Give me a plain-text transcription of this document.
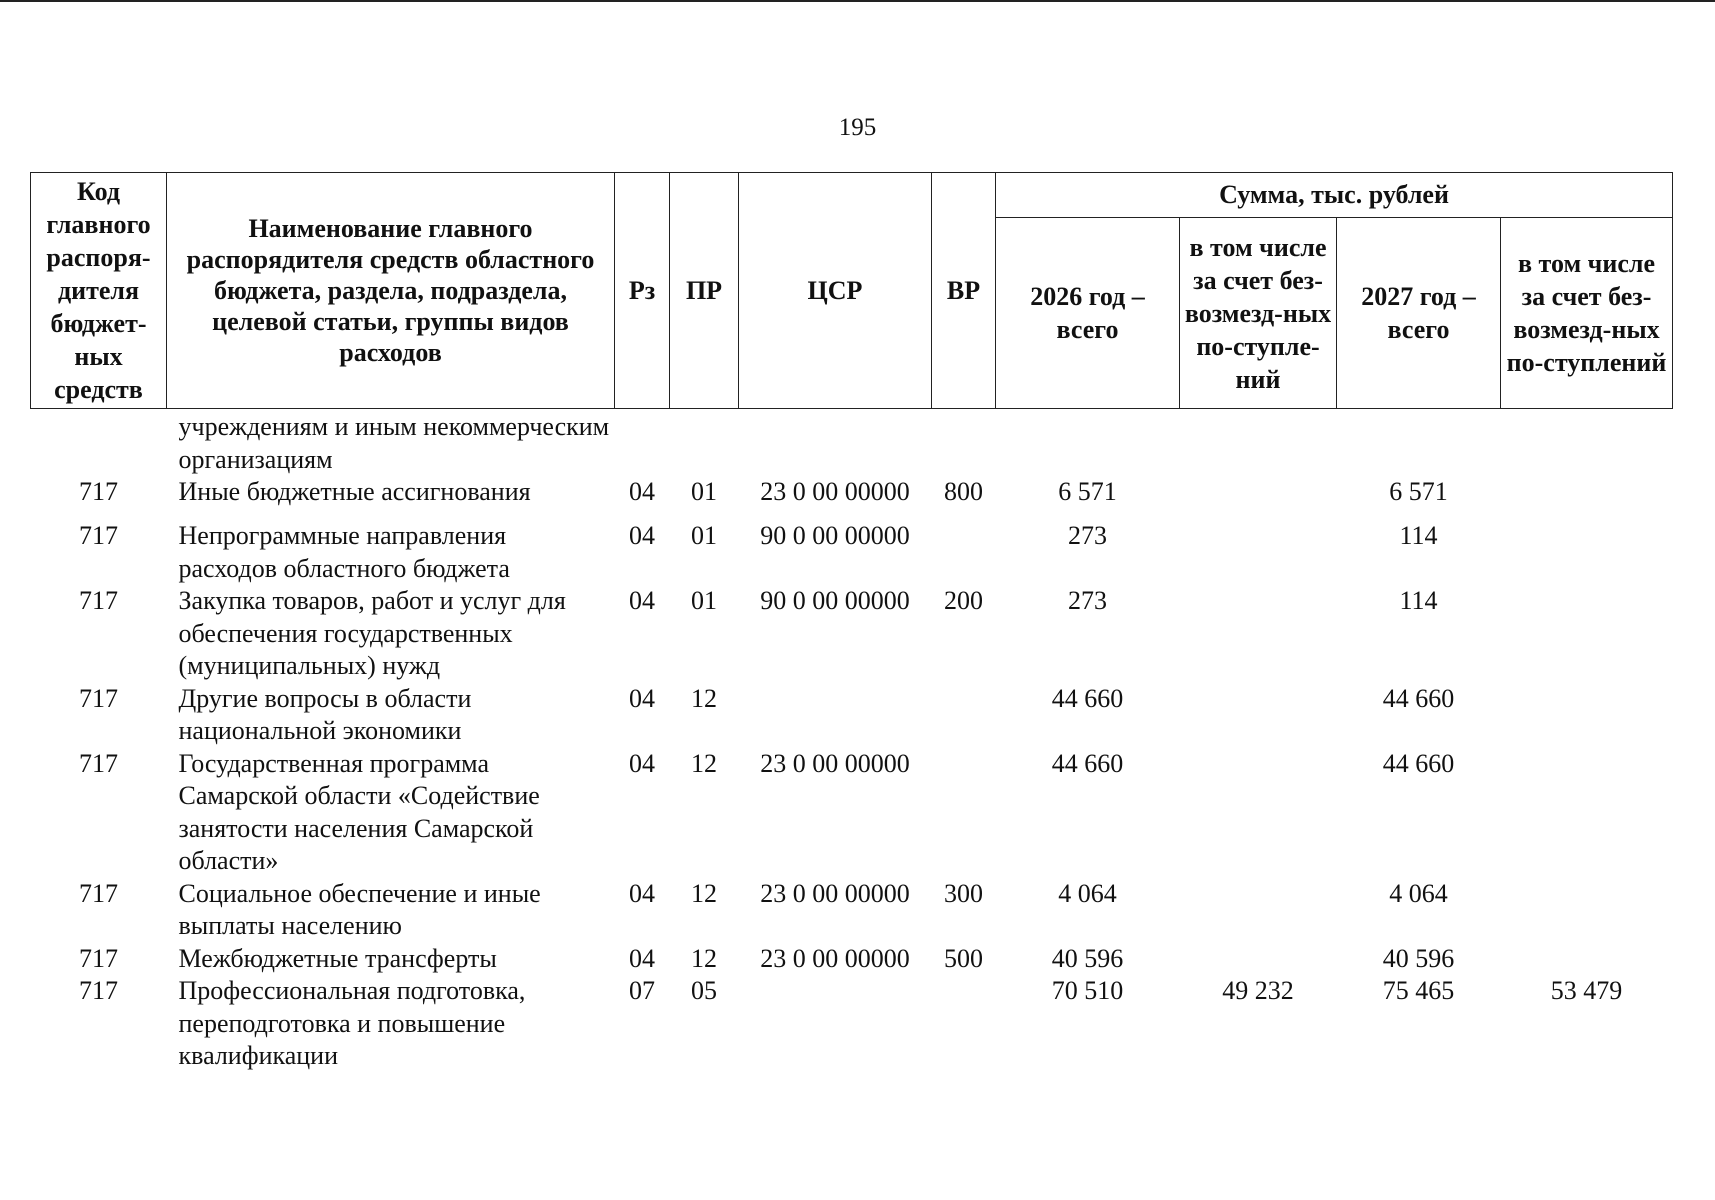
195
Код главного распоря-дителя бюджет-ных средств	Наименование главного распорядителя средств областного бюджета, раздела, подраздела, целевой статьи, группы видов расходов	Рз	ПР	ЦСР	ВР	Сумма, тыс. рублей			
						2026 год – всего	в том числе за счет без-возмезд-ных по-ступле-ний	2027 год – всего	в том числе за счет без-возмезд-ных по-ступлений
	учреждениям и иным некоммерческим организациям								
717	Иные бюджетные ассигнования	04	01	23 0 00 00000	800	6 571		6 571	
717	Непрограммные направления расходов областного бюджета	04	01	90 0 00 00000		273		114	
717	Закупка товаров, работ и услуг для обеспечения государственных (муниципальных) нужд	04	01	90 0 00 00000	200	273		114	
717	Другие вопросы в области национальной экономики	04	12			44 660		44 660	
717	Государственная программа Самарской области «Содействие занятости населения Самарской области»	04	12	23 0 00 00000		44 660		44 660	
717	Социальное обеспечение и иные выплаты населению	04	12	23 0 00 00000	300	4 064		4 064	
717	Межбюджетные трансферты	04	12	23 0 00 00000	500	40 596		40 596	
717	Профессиональная подготовка, переподготовка и повышение квалификации	07	05			70 510	49 232	75 465	53 479
